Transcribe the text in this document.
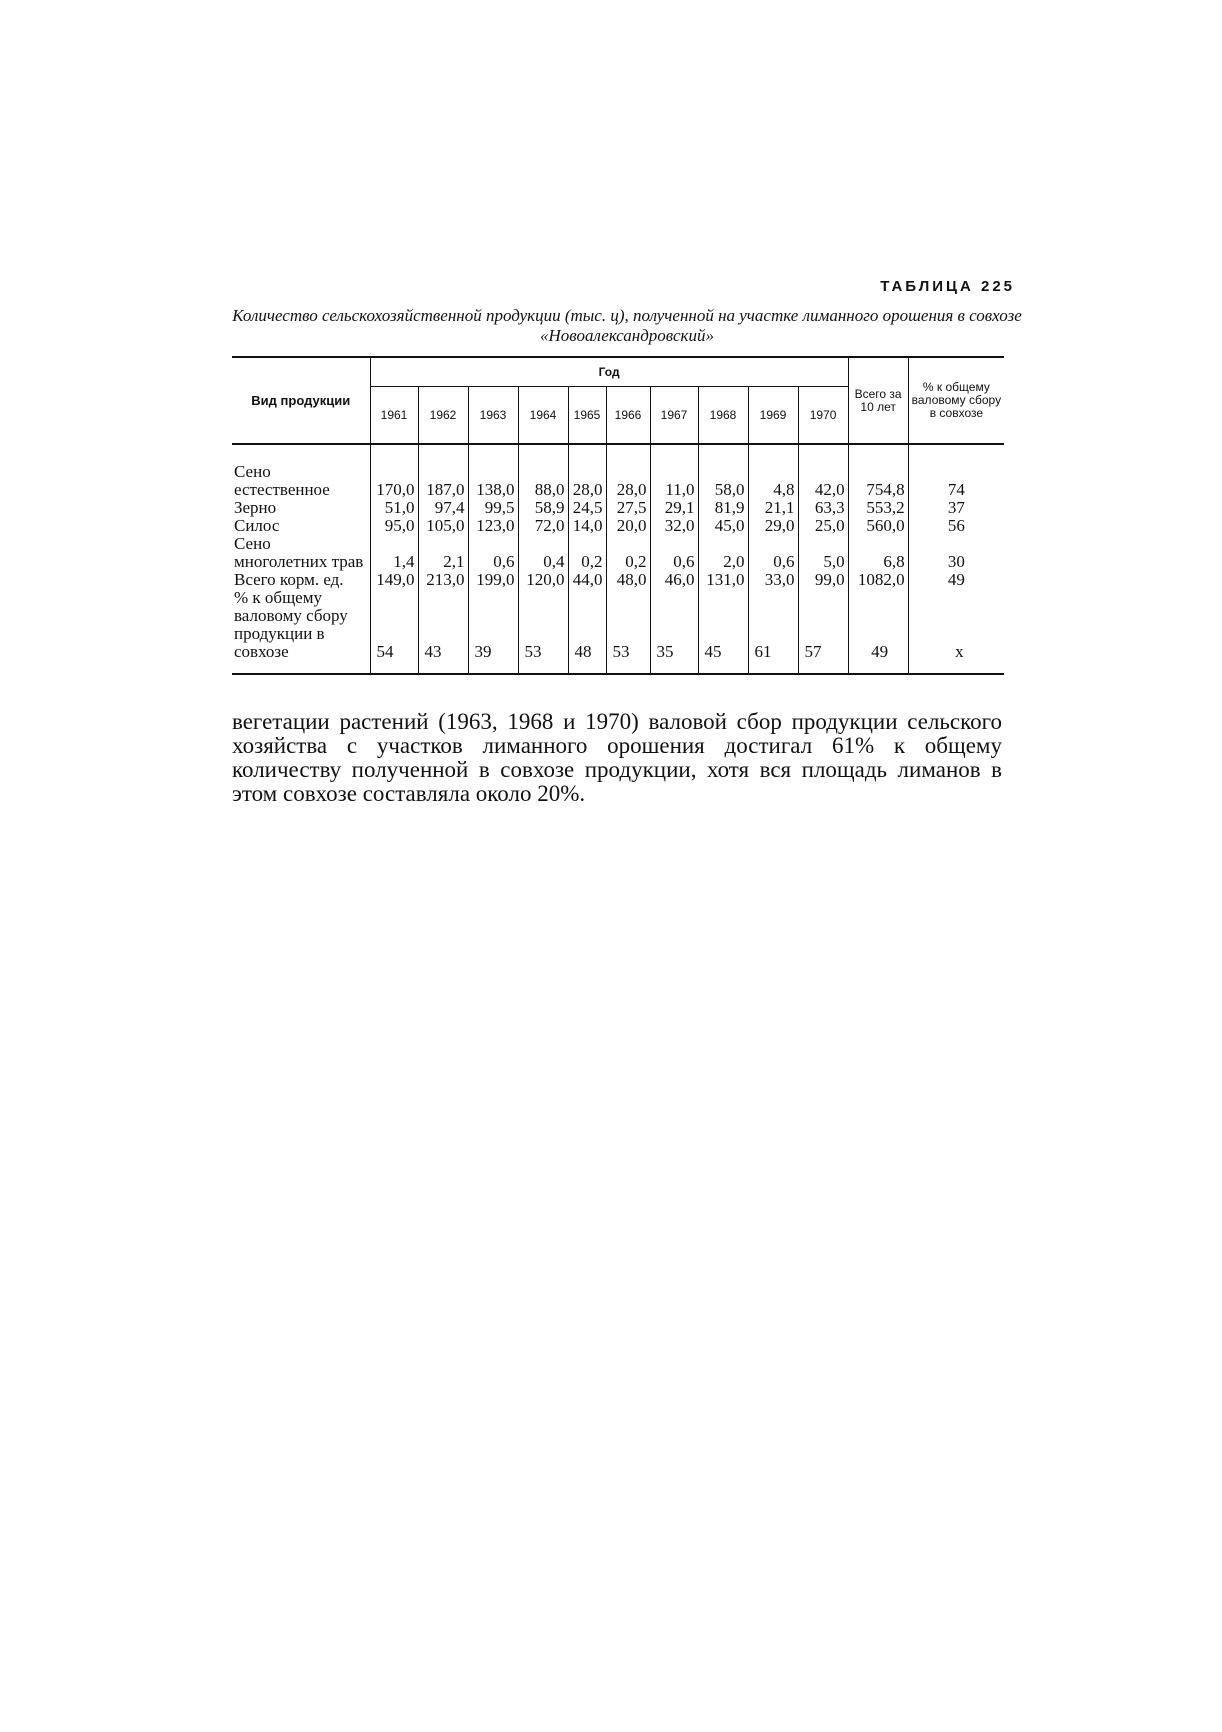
ТАБЛИЦА 225
Количество сельскохозяйственной продукции (тыс. ц), полученной на участке лиманного орошения в совхозе «Новоалександровский»
Вид продукции	Год										Всего за 10 лет	% к общему валовому сбору в совхозе
	1961	1962	1963	1964	1965	1966	1967	1968	1969	1970		

Сено естественное	170,0	187,0	138,0	88,0	28,0	28,0	11,0	58,0	4,8	42,0	754,8	74
Зерно	51,0	97,4	99,5	58,9	24,5	27,5	29,1	81,9	21,1	63,3	553,2	37
Силос	95,0	105,0	123,0	72,0	14,0	20,0	32,0	45,0	29,0	25,0	560,0	56
Сено многолетних трав	1,4	2,1	0,6	0,4	0,2	0,2	0,6	2,0	0,6	5,0	6,8	30
Всего корм. ед.	149,0	213,0	199,0	120,0	44,0	48,0	46,0	131,0	33,0	99,0	1082,0	49
% к общему валовому сбору продукции в совхозе	54	43	39	53	48	53	35	45	61	57	49	x

вегетации растений (1963, 1968 и 1970) валовой сбор продукции сельского хозяйства с участков лиманного орошения достигал 61% к общему количеству полученной в совхозе продукции, хотя вся площадь лиманов в этом совхозе составляла около 20%.
